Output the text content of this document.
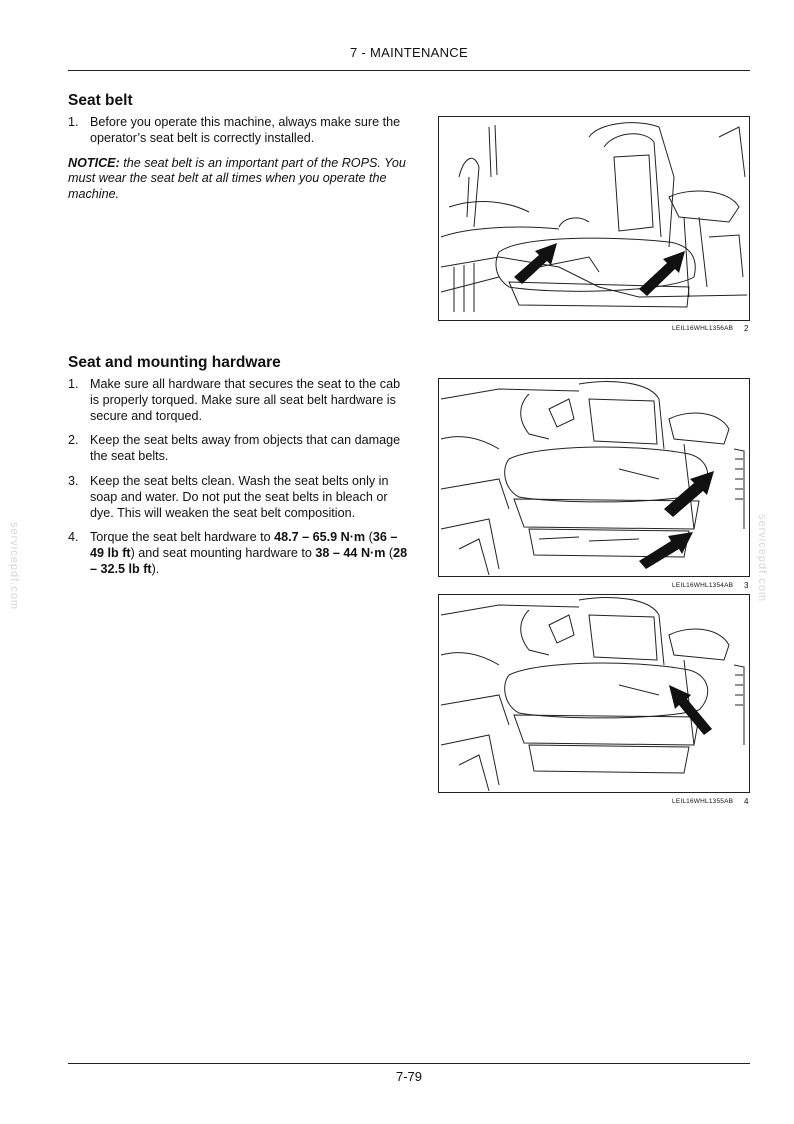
7 - MAINTENANCE
Seat belt
1. Before you operate this machine, always make sure the operator’s seat belt is correctly installed.

NOTICE: the seat belt is an important part of the ROPS. You must wear the seat belt at all times when you operate the machine.

Seat and mounting hardware
1. Make sure all hardware that secures the seat to the cab is properly torqued. Make sure all seat belt hardware is secure and torqued.
2. Keep the seat belts away from objects that can damage the seat belts.
3. Keep the seat belts clean. Wash the seat belts only in soap and water. Do not put the seat belts in bleach or dye. This will weaken the seat belt composition.
4. Torque the seat belt hardware to 48.7 – 65.9 N·m (36 – 49 lb ft) and seat mounting hardware to 38 – 44 N·m (28 – 32.5 lb ft).
LEIL16WHL1356AB 2
LEIL16WHL1354AB 3
LEIL16WHL1355AB 4
servicepdf.com	servicepdf.com
7-79
